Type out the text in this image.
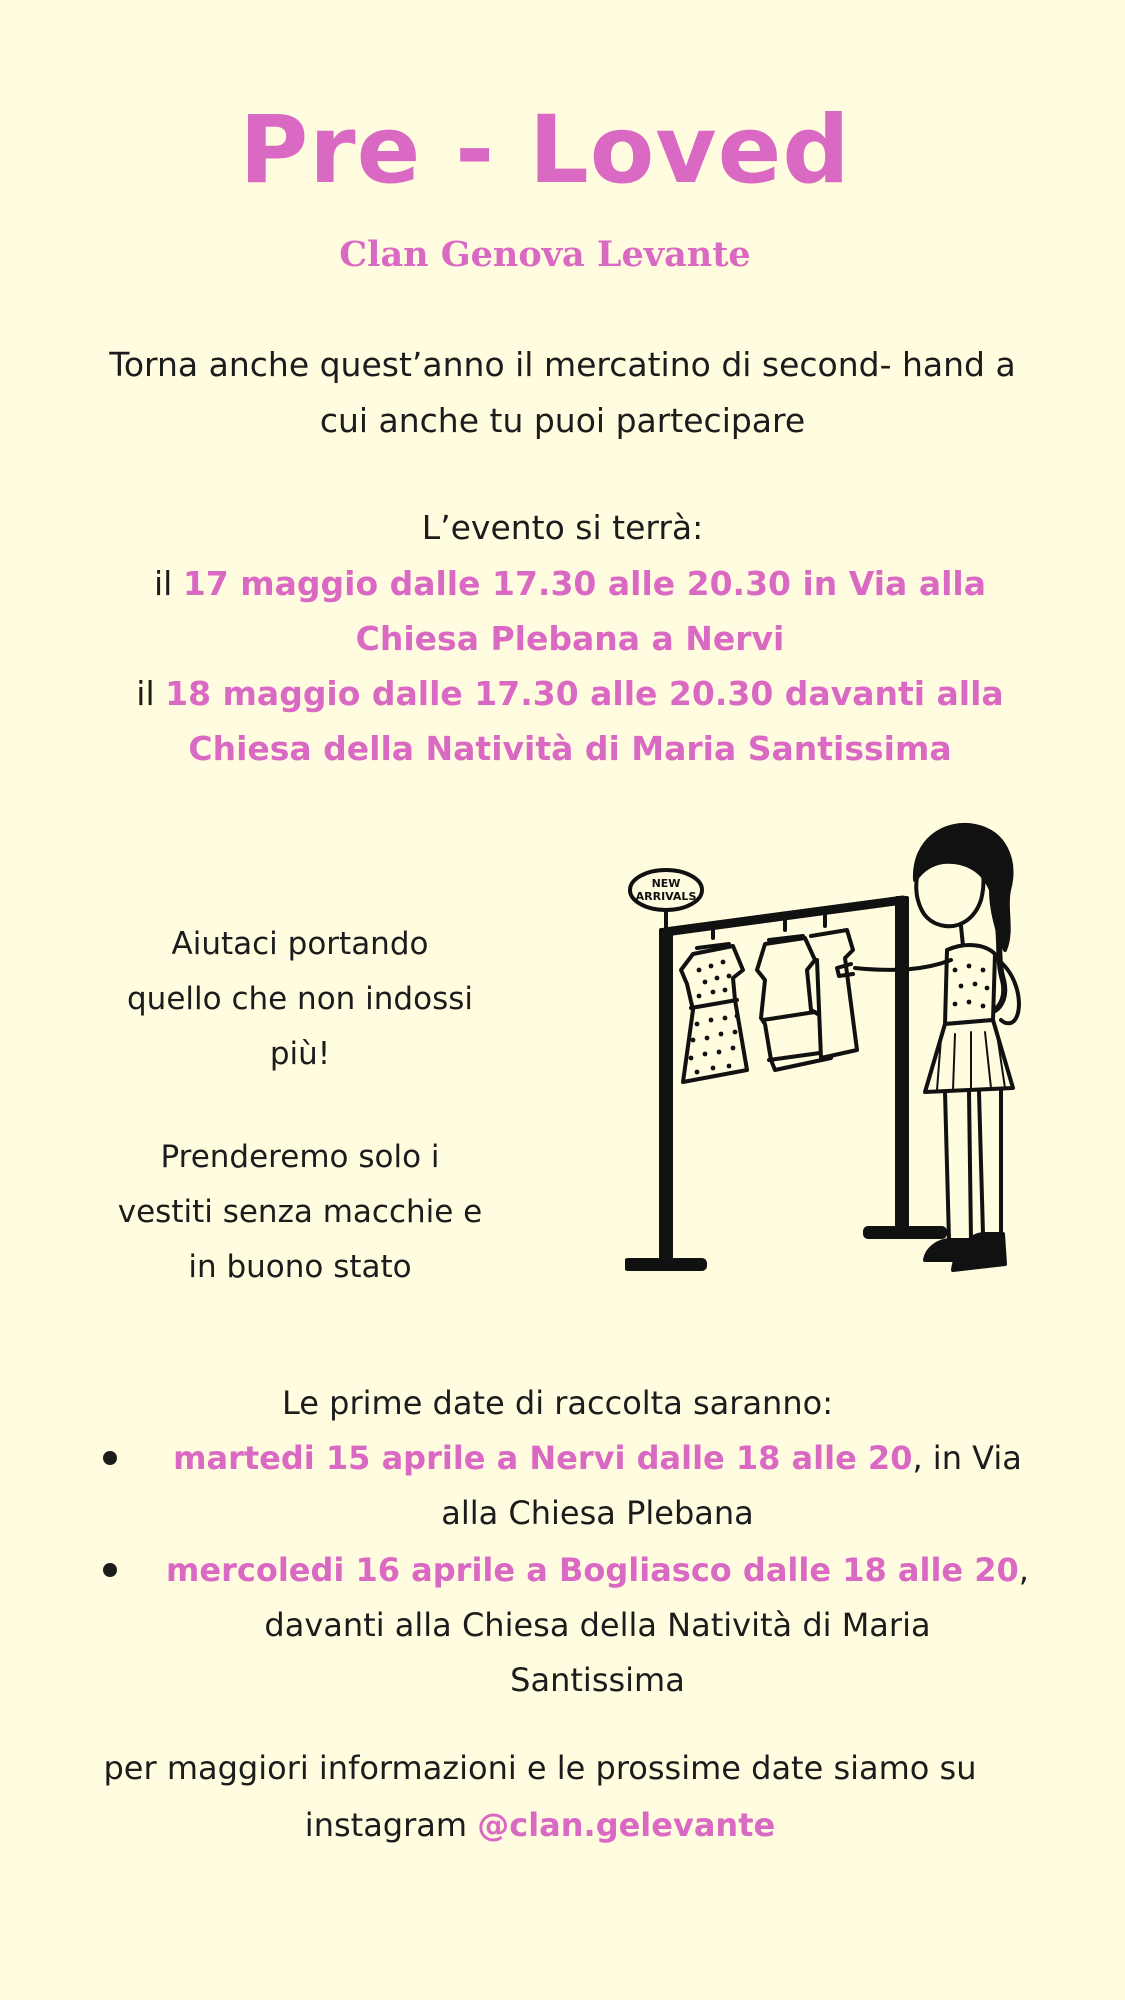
Pre - Loved
Clan Genova Levante
Torna anche quest’anno il mercatino di second- hand a
cui anche tu puoi partecipare
L’evento si terrà:
il 17 maggio dalle 17.30 alle 20.30 in Via alla
Chiesa Plebana a Nervi
il 18 maggio dalle 17.30 alle 20.30 davanti alla
Chiesa della Natività di Maria Santissima
Aiutaci portando
quello che non indossi
più!
Prenderemo solo i
vestiti senza macchie e
in buono stato
NEW
ARRIVALS
Le prime date di raccolta saranno:
martedi 15 aprile a Nervi dalle 18 alle 20, in Via
alla Chiesa Plebana
mercoledi 16 aprile a Bogliasco dalle 18 alle 20,
davanti alla Chiesa della Natività di Maria
Santissima
per maggiori informazioni e le prossime date siamo su
instagram @clan.gelevante
